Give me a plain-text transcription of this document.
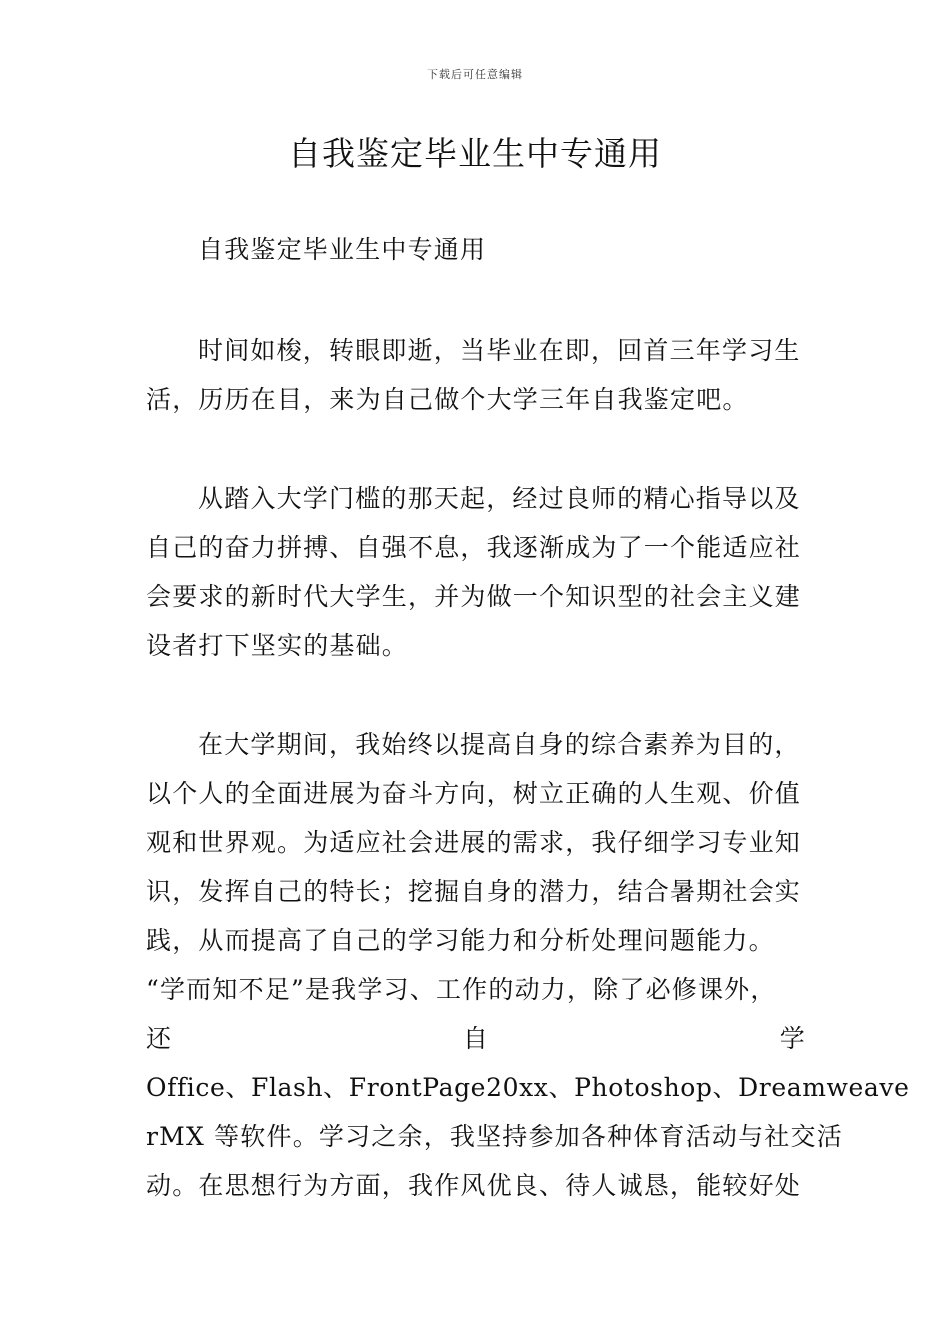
下载后可任意编辑
自我鉴定毕业生中专通用

自我鉴定毕业生中专通用

时间如梭，转眼即逝，当毕业在即，回首三年学习生活，历历在目，来为自己做个大学三年自我鉴定吧。

从踏入大学门槛的那天起，经过良师的精心指导以及自己的奋力拼搏、自强不息，我逐渐成为了一个能适应社会要求的新时代大学生，并为做一个知识型的社会主义建设者打下坚实的基础。

在大学期间，我始终以提高自身的综合素养为目的，
以个人的全面进展为奋斗方向，树立正确的人生观、价值
观和世界观。为适应社会进展的需求，我仔细学习专业知
识，发挥自己的特长；挖掘自身的潜力，结合暑期社会实
践，从而提高了自己的学习能力和分析处理问题能力。
“学而知不足”是我学习、工作的动力，除了必修课外，
还	自	学
Office、Flash、FrontPage20xx、Photoshop、Dreamweave
rMX 等软件。学习之余，我坚持参加各种体育活动与社交活
动。在思想行为方面，我作风优良、待人诚恳，能较好处
